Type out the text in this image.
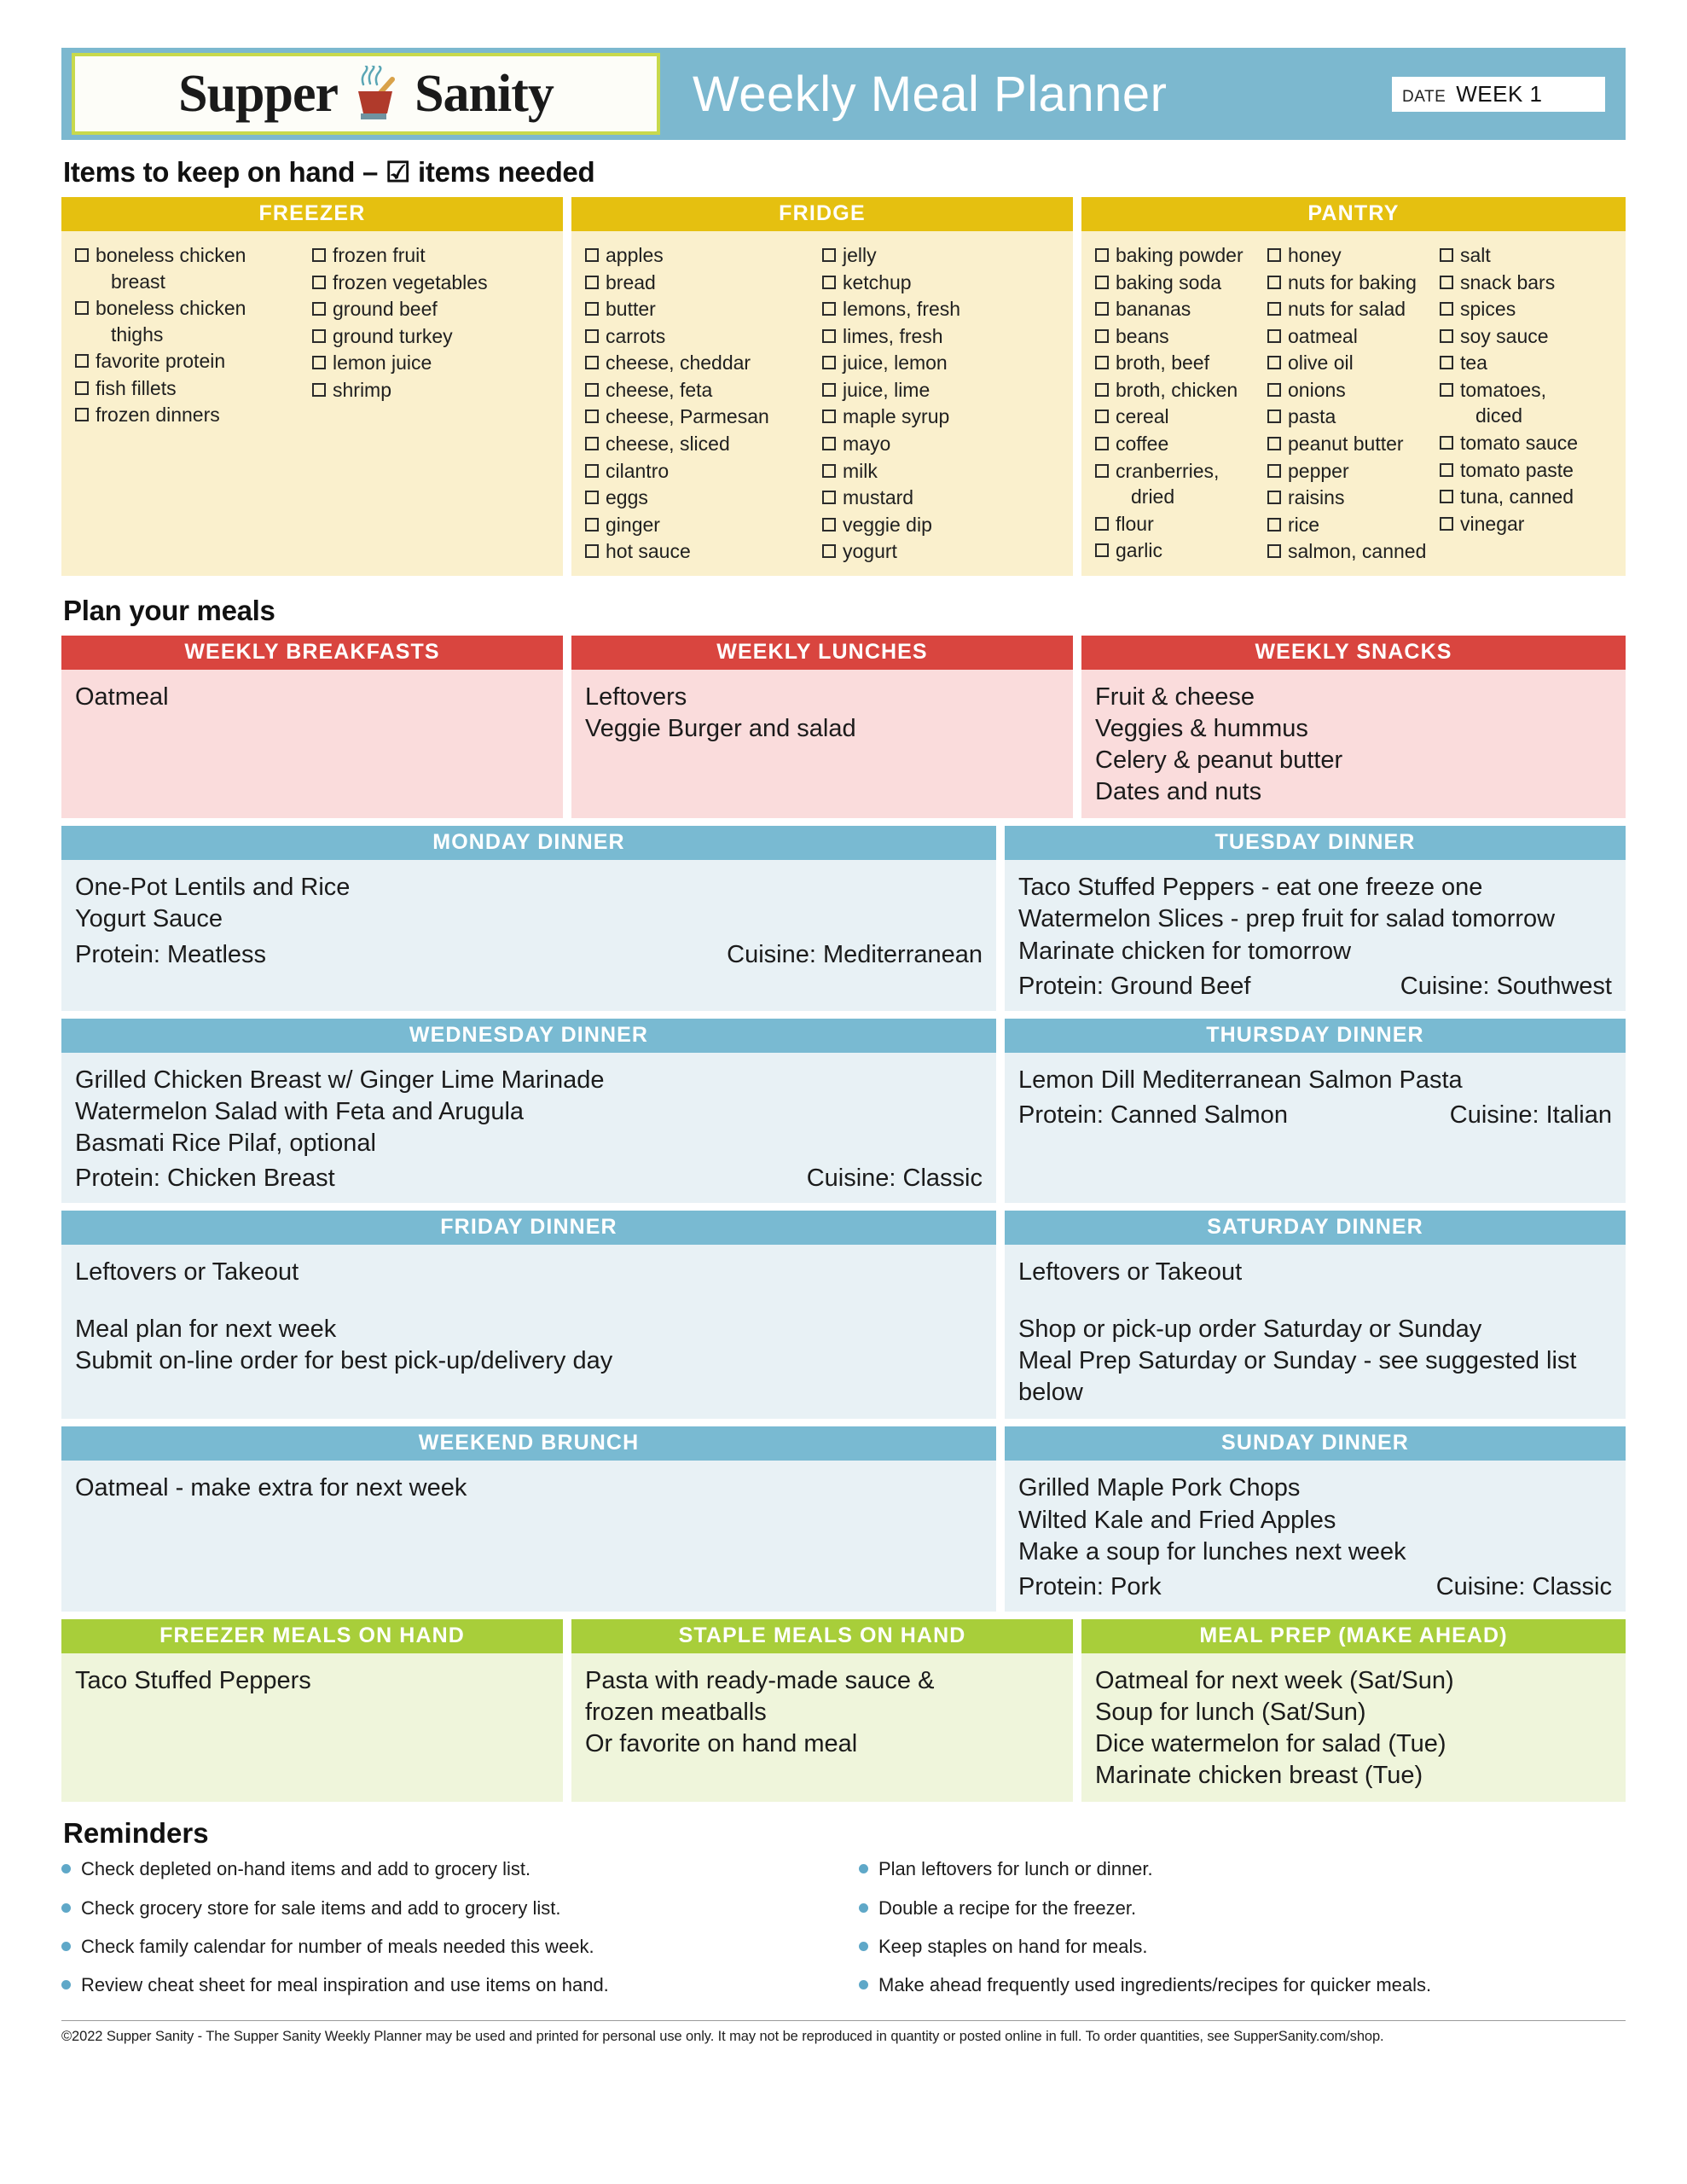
Supper Sanity	Weekly Meal Planner	DATE WEEK 1
Items to keep on hand – ☑ items needed
FREEZER
boneless chicken
breast
boneless chicken
thighs
favorite protein
fish fillets
frozen dinners
frozen fruit
frozen vegetables
ground beef
ground turkey
lemon juice
shrimp
FRIDGE
apples
bread
butter
carrots
cheese, cheddar
cheese, feta
cheese, Parmesan
cheese, sliced
cilantro
eggs
ginger
hot sauce
jelly
ketchup
lemons, fresh
limes, fresh
juice, lemon
juice, lime
maple syrup
mayo
milk
mustard
veggie dip
yogurt
PANTRY
baking powder
baking soda
bananas
beans
broth, beef
broth, chicken
cereal
coffee
cranberries,
dried
flour
garlic
honey
nuts for baking
nuts for salad
oatmeal
olive oil
onions
pasta
peanut butter
pepper
raisins
rice
salmon, canned
salt
snack bars
spices
soy sauce
tea
tomatoes,
diced
tomato sauce
tomato paste
tuna, canned
vinegar
Plan your meals
WEEKLY BREAKFASTS
Oatmeal
WEEKLY LUNCHES
Leftovers
Veggie Burger and salad
WEEKLY SNACKS
Fruit & cheese
Veggies & hummus
Celery & peanut butter
Dates and nuts
MONDAY DINNER
One-Pot Lentils and Rice
Yogurt Sauce
Protein: Meatless	Cuisine: Mediterranean
TUESDAY DINNER
Taco Stuffed Peppers - eat one freeze one
Watermelon Slices - prep fruit for salad tomorrow
Marinate chicken for tomorrow
Protein: Ground Beef	Cuisine: Southwest
WEDNESDAY DINNER
Grilled Chicken Breast w/ Ginger Lime Marinade
Watermelon Salad with Feta and Arugula
Basmati Rice Pilaf, optional
Protein: Chicken Breast	Cuisine: Classic
THURSDAY DINNER
Lemon Dill Mediterranean Salmon Pasta
Protein: Canned Salmon	Cuisine: Italian
FRIDAY DINNER
Leftovers or Takeout
Meal plan for next week
Submit on-line order for best pick-up/delivery day
SATURDAY DINNER
Leftovers or Takeout
Shop or pick-up order Saturday or Sunday
Meal Prep Saturday or Sunday - see suggested list below
WEEKEND BRUNCH
Oatmeal - make extra for next week
SUNDAY DINNER
Grilled Maple Pork Chops
Wilted Kale and Fried Apples
Make a soup for lunches next week
Protein: Pork	Cuisine: Classic
FREEZER MEALS ON HAND
Taco Stuffed Peppers
STAPLE MEALS ON HAND
Pasta with ready-made sauce &
frozen meatballs
Or favorite on hand meal
MEAL PREP (MAKE AHEAD)
Oatmeal for next week (Sat/Sun)
Soup for lunch (Sat/Sun)
Dice watermelon for salad (Tue)
Marinate chicken breast (Tue)
Reminders
Check depleted on-hand items and add to grocery list.
Check grocery store for sale items and add to grocery list.
Check family calendar for number of meals needed this week.
Review cheat sheet for meal inspiration and use items on hand.
Plan leftovers for lunch or dinner.
Double a recipe for the freezer.
Keep staples on hand for meals.
Make ahead frequently used ingredients/recipes for quicker meals.
©2022 Supper Sanity - The Supper Sanity Weekly Planner may be used and printed for personal use only. It may not be reproduced in quantity or posted online in full. To order quantities, see SupperSanity.com/shop.
